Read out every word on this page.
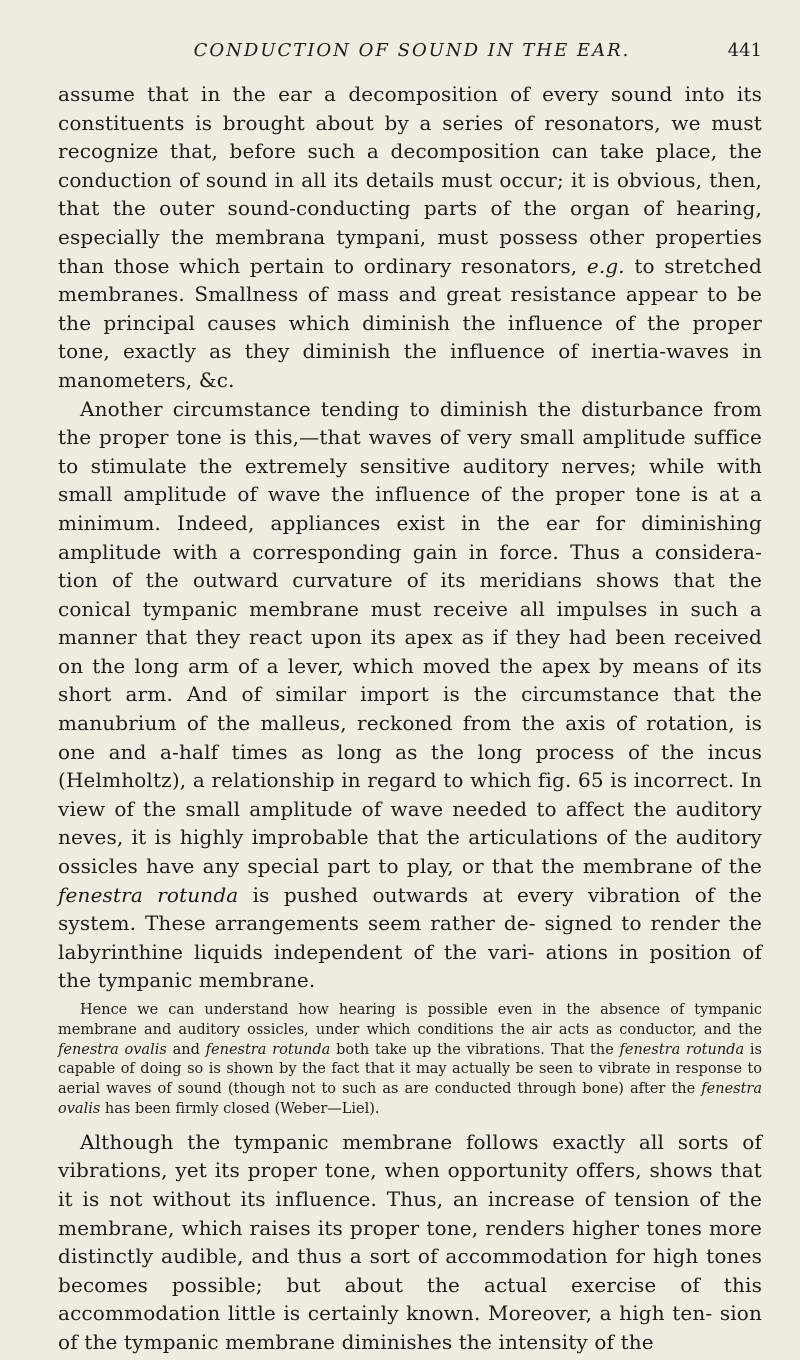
CONDUCTION OF SOUND IN THE EAR.	441

assume that in the ear a decomposition of every sound into its constituents is brought about by a series of resonators, we must recognize that, before such a decomposition can take place, the conduction of sound in all its details must occur; it is obvious, then, that the outer sound-conducting parts of the organ of hearing, especially the membrana tympani, must possess other properties than those which pertain to ordinary resonators, e.g. to stretched membranes. Smallness of mass and great resistance appear to be the principal causes which diminish the influence of the proper tone, exactly as they diminish the influence of inertia-waves in manometers, &c.

Another circumstance tending to diminish the disturbance from the proper tone is this,—that waves of very small amplitude suffice to stimulate the extremely sensitive auditory nerves; while with small amplitude of wave the influence of the proper tone is at a minimum. Indeed, appliances exist in the ear for diminishing amplitude with a corresponding gain in force. Thus a considera- tion of the outward curvature of its meridians shows that the conical tympanic membrane must receive all impulses in such a manner that they react upon its apex as if they had been received on the long arm of a lever, which moved the apex by means of its short arm. And of similar import is the circumstance that the manubrium of the malleus, reckoned from the axis of rotation, is one and a-half times as long as the long process of the incus (Helmholtz), a relationship in regard to which fig. 65 is incorrect. In view of the small amplitude of wave needed to affect the auditory neves, it is highly improbable that the articulations of the auditory ossicles have any special part to play, or that the membrane of the fenestra rotunda is pushed outwards at every vibration of the system. These arrangements seem rather de- signed to render the labyrinthine liquids independent of the vari- ations in position of the tympanic membrane.

Hence we can understand how hearing is possible even in the absence of tympanic membrane and auditory ossicles, under which conditions the air acts as conductor, and the fenestra ovalis and fenestra rotunda both take up the vibrations. That the fenestra rotunda is capable of doing so is shown by the fact that it may actually be seen to vibrate in response to aerial waves of sound (though not to such as are conducted through bone) after the fenestra ovalis has been firmly closed (Weber—Liel).

Although the tympanic membrane follows exactly all sorts of vibrations, yet its proper tone, when opportunity offers, shows that it is not without its influence. Thus, an increase of tension of the membrane, which raises its proper tone, renders higher tones more distinctly audible, and thus a sort of accommodation for high tones becomes possible; but about the actual exercise of this accommodation little is certainly known. Moreover, a high ten- sion of the tympanic membrane diminishes the intensity of the
